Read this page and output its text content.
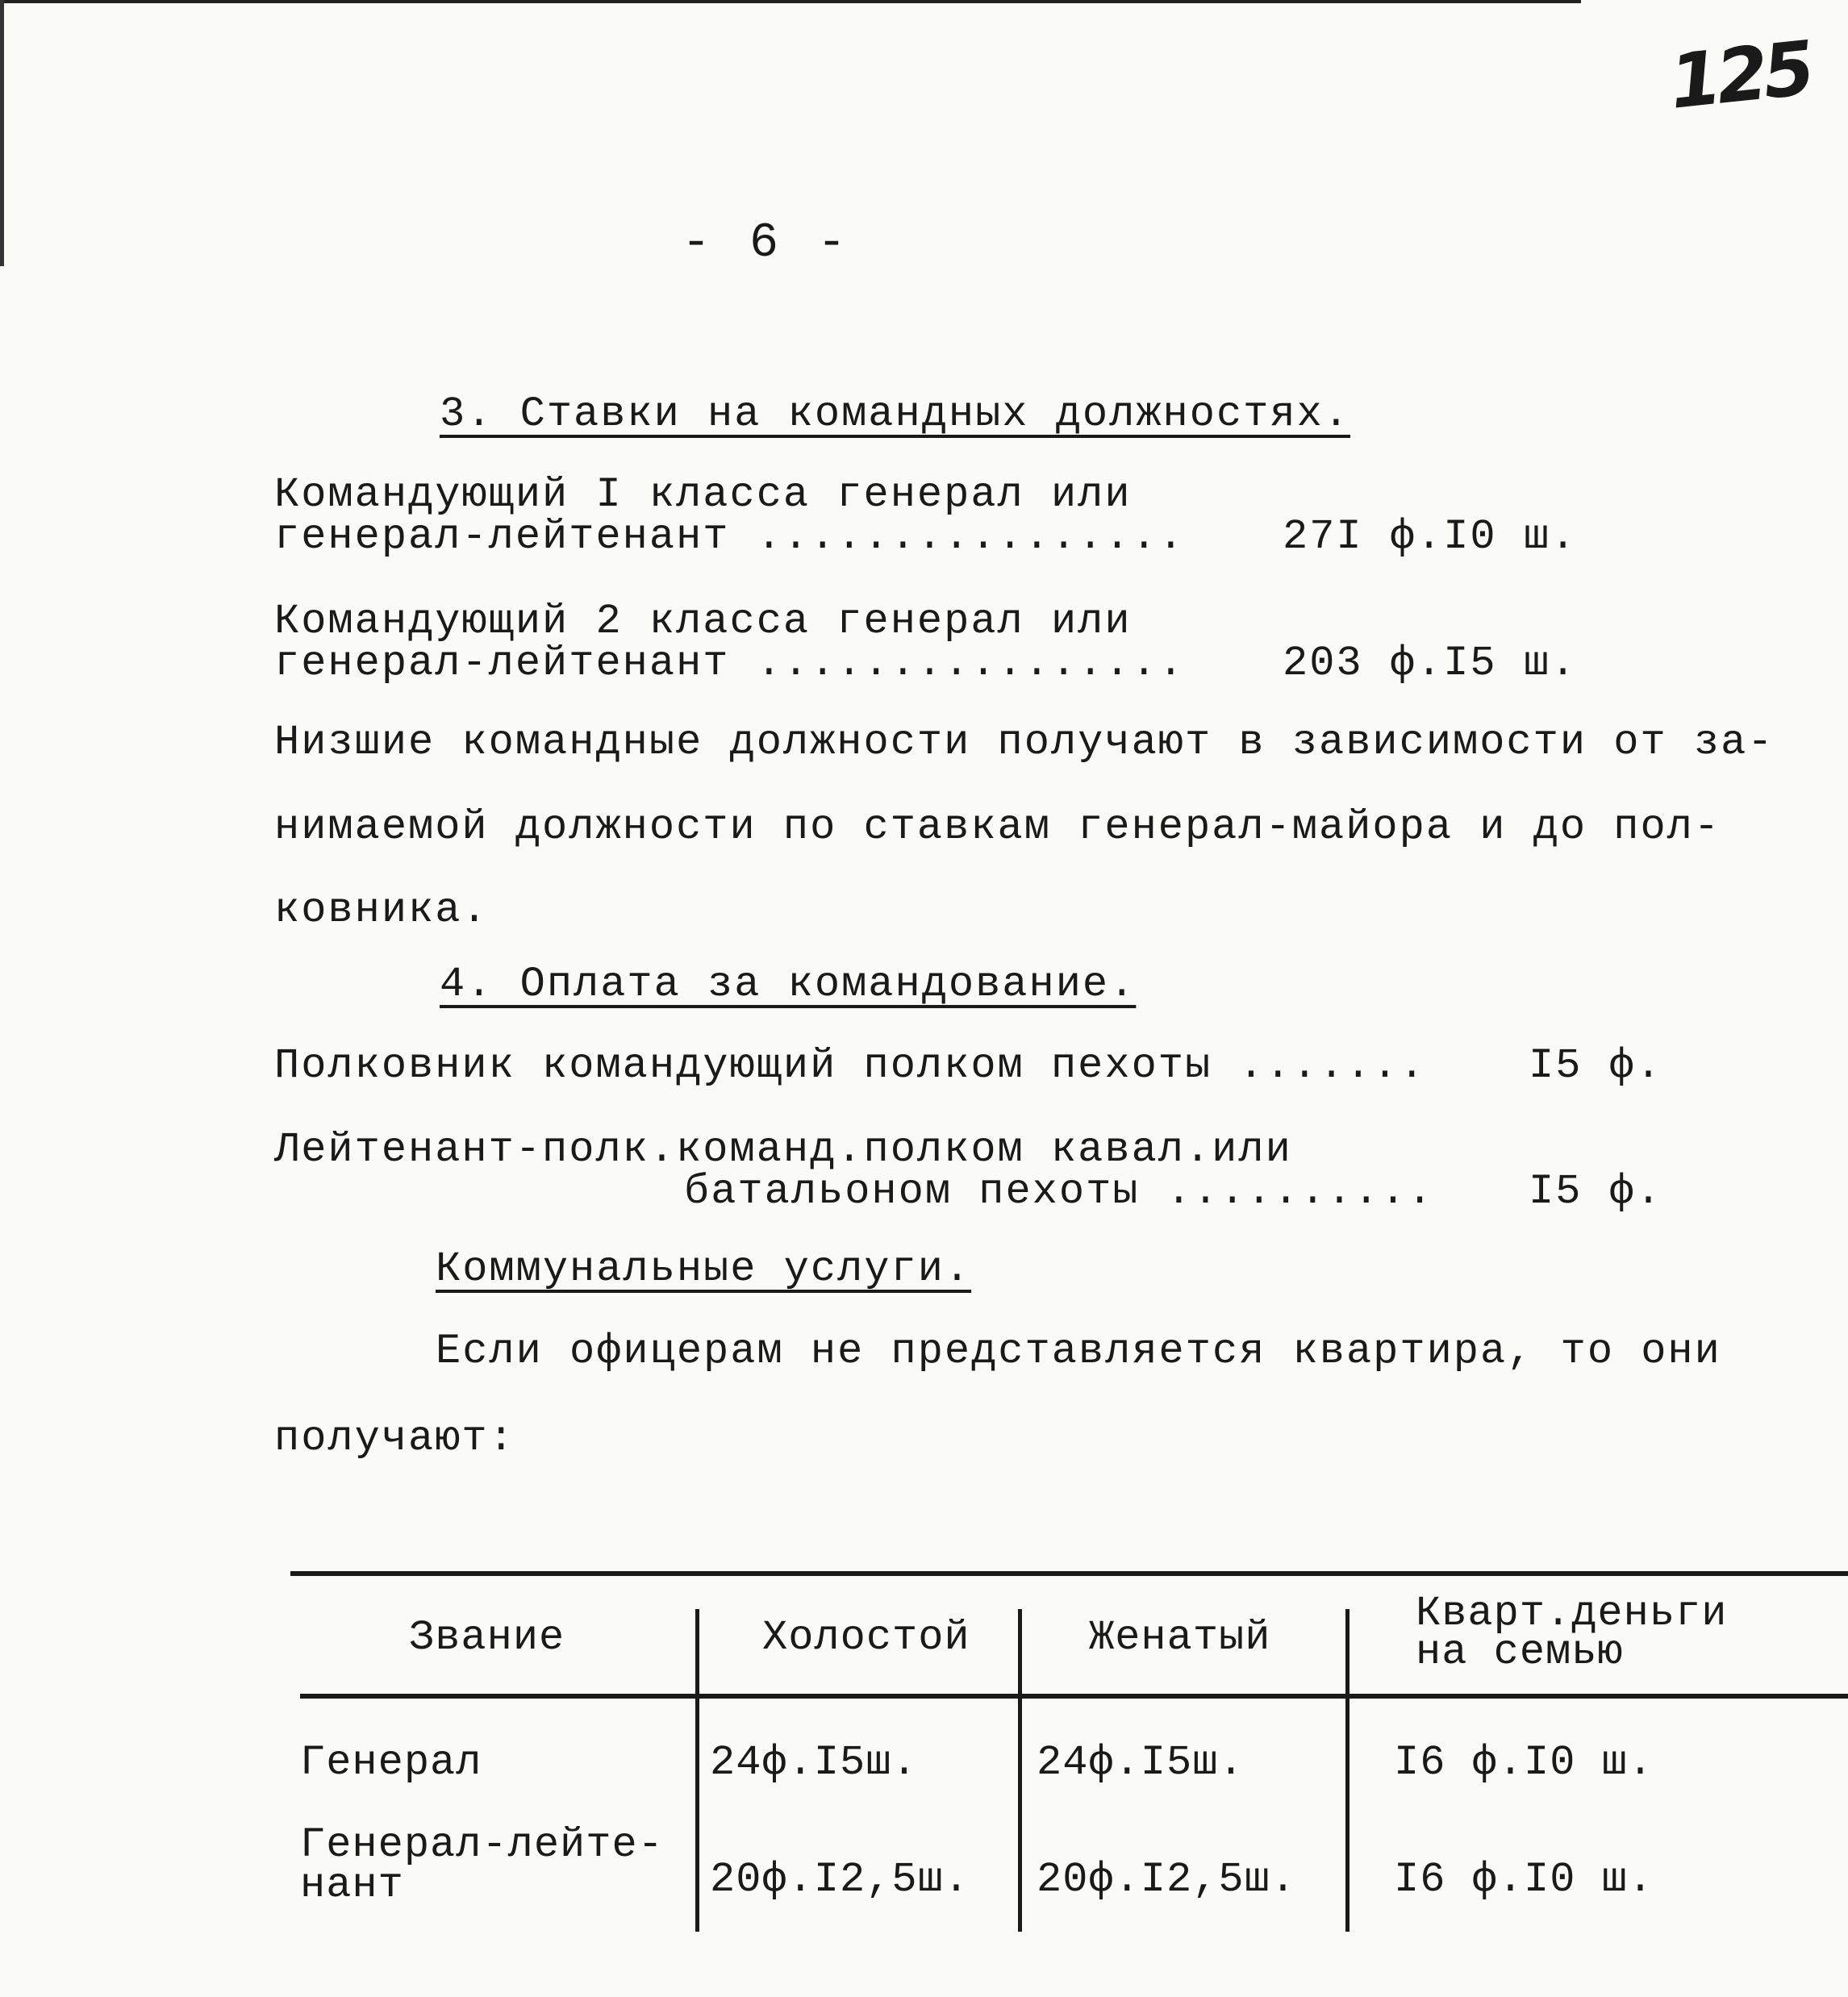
125
- 6 -
3. Ставки на командных должностях.
Командующий I класса генерал или
генерал-лейтенант ................ 27I ф.I0 ш.
Командующий 2 класса генерал или
генерал-лейтенант ................ 203 ф.I5 ш.
Низшие командные должности получают в зависимости от за-
нимаемой должности по ставкам генерал-майора и до пол-
ковника.
4. Оплата за командование.
Полковник командующий полком пехоты ....... I5 ф.
Лейтенант-полк.команд.полком кавал.или
батальоном пехоты .......... I5 ф.
Коммунальные услуги.
Если офицерам не представляется квартира, то они
получают:
Звание	Холостой	Женатый
Кварт.деньги
на семью
Генерал	24ф.I5ш.	24ф.I5ш.	I6 ф.I0 ш.
Генерал-лейте-
нант	20ф.I2,5ш. 20ф.I2,5ш. I6 ф.I0 ш.
